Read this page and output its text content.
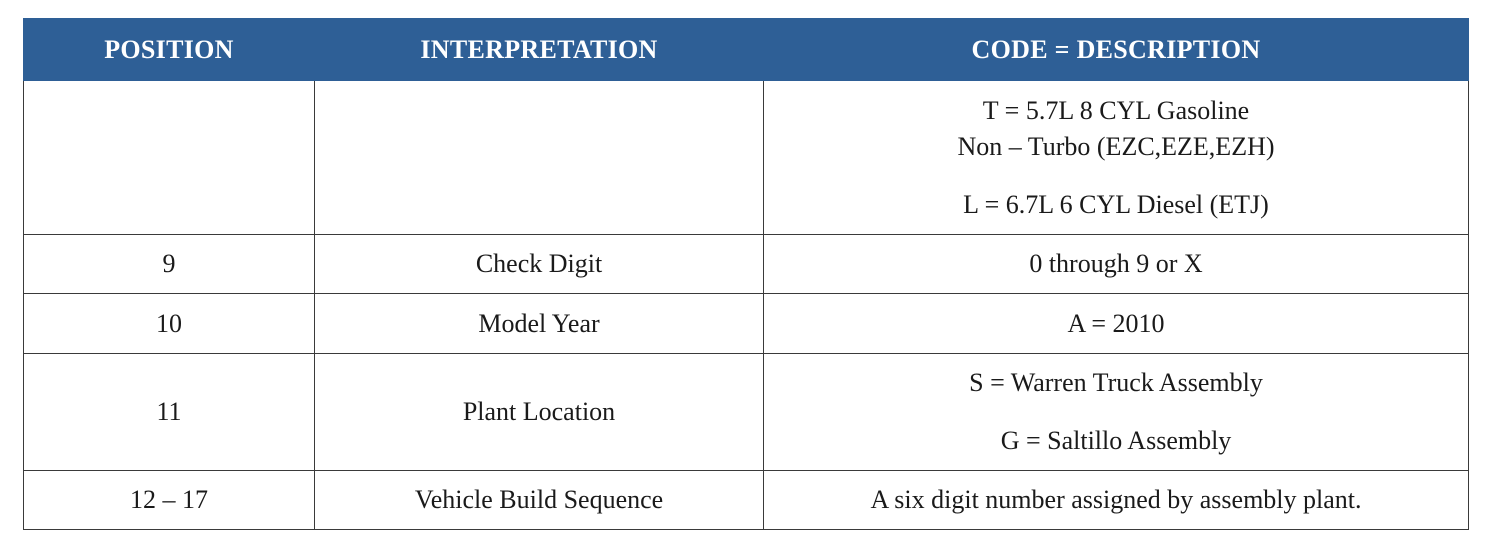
POSITION	INTERPRETATION	CODE = DESCRIPTION

		T = 5.7L 8 CYL Gasoline
Non – Turbo (EZC,EZE,EZH)
L = 6.7L 6 CYL Diesel (ETJ)

9	Check Digit	0 through 9 or X

10	Model Year	A = 2010

11	Plant Location	S = Warren Truck Assembly
G = Saltillo Assembly

12 – 17	Vehicle Build Sequence	A six digit number assigned by assembly plant.
